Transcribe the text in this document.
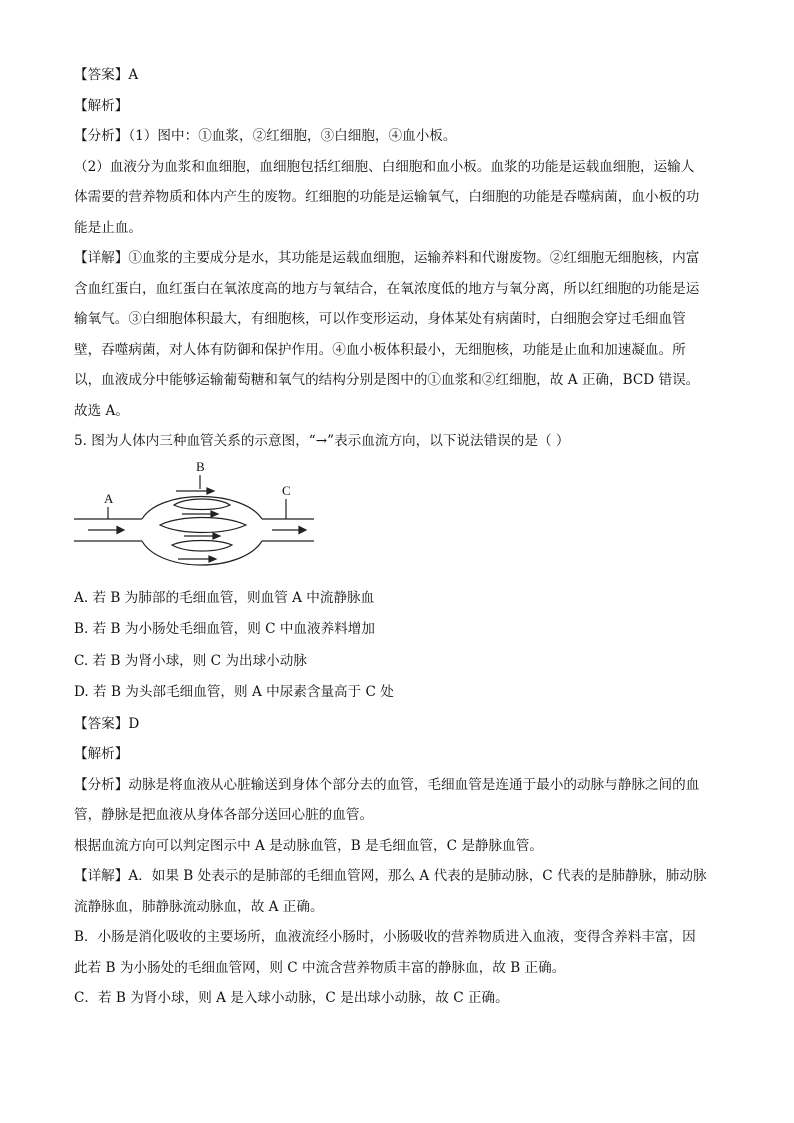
【答案】A

【解析】

【分析】（1）图中：①血浆，②红细胞，③白细胞，④血小板。

（2）血液分为血浆和血细胞，血细胞包括红细胞、白细胞和血小板。血浆的功能是运载血细胞，运输人

体需要的营养物质和体内产生的废物。红细胞的功能是运输氧气，白细胞的功能是吞噬病菌，血小板的功

能是止血。

【详解】①血浆的主要成分是水，其功能是运载血细胞，运输养料和代谢废物。②红细胞无细胞核，内富

含血红蛋白，血红蛋白在氧浓度高的地方与氧结合，在氧浓度低的地方与氧分离，所以红细胞的功能是运

输氧气。③白细胞体积最大，有细胞核，可以作变形运动，身体某处有病菌时，白细胞会穿过毛细血管

壁，吞噬病菌，对人体有防御和保护作用。④血小板体积最小，无细胞核，功能是止血和加速凝血。所

以，血液成分中能够运输葡萄糖和氧气的结构分别是图中的①血浆和②红细胞，故 A 正确，BCD 错误。

故选 A。

5. 图为人体内三种血管关系的示意图，“→”表示血流方向，以下说法错误的是（ ）

A
B
C

A. 若 B 为肺部的毛细血管，则血管 A 中流静脉血

B. 若 B 为小肠处毛细血管，则 C 中血液养料增加

C. 若 B 为肾小球，则 C 为出球小动脉

D. 若 B 为头部毛细血管，则 A 中尿素含量高于 C 处

【答案】D

【解析】

【分析】动脉是将血液从心脏输送到身体个部分去的血管，毛细血管是连通于最小的动脉与静脉之间的血

管，静脉是把血液从身体各部分送回心脏的血管。

根据血流方向可以判定图示中 A 是动脉血管，B 是毛细血管，C 是静脉血管。

【详解】A．如果 B 处表示的是肺部的毛细血管网，那么 A 代表的是肺动脉，C 代表的是肺静脉，肺动脉

流静脉血，肺静脉流动脉血，故 A 正确。

B．小肠是消化吸收的主要场所，血液流经小肠时，小肠吸收的营养物质进入血液，变得含养料丰富，因

此若 B 为小肠处的毛细血管网，则 C 中流含营养物质丰富的静脉血，故 B 正确。

C．若 B 为肾小球，则 A 是入球小动脉，C 是出球小动脉，故 C 正确。
